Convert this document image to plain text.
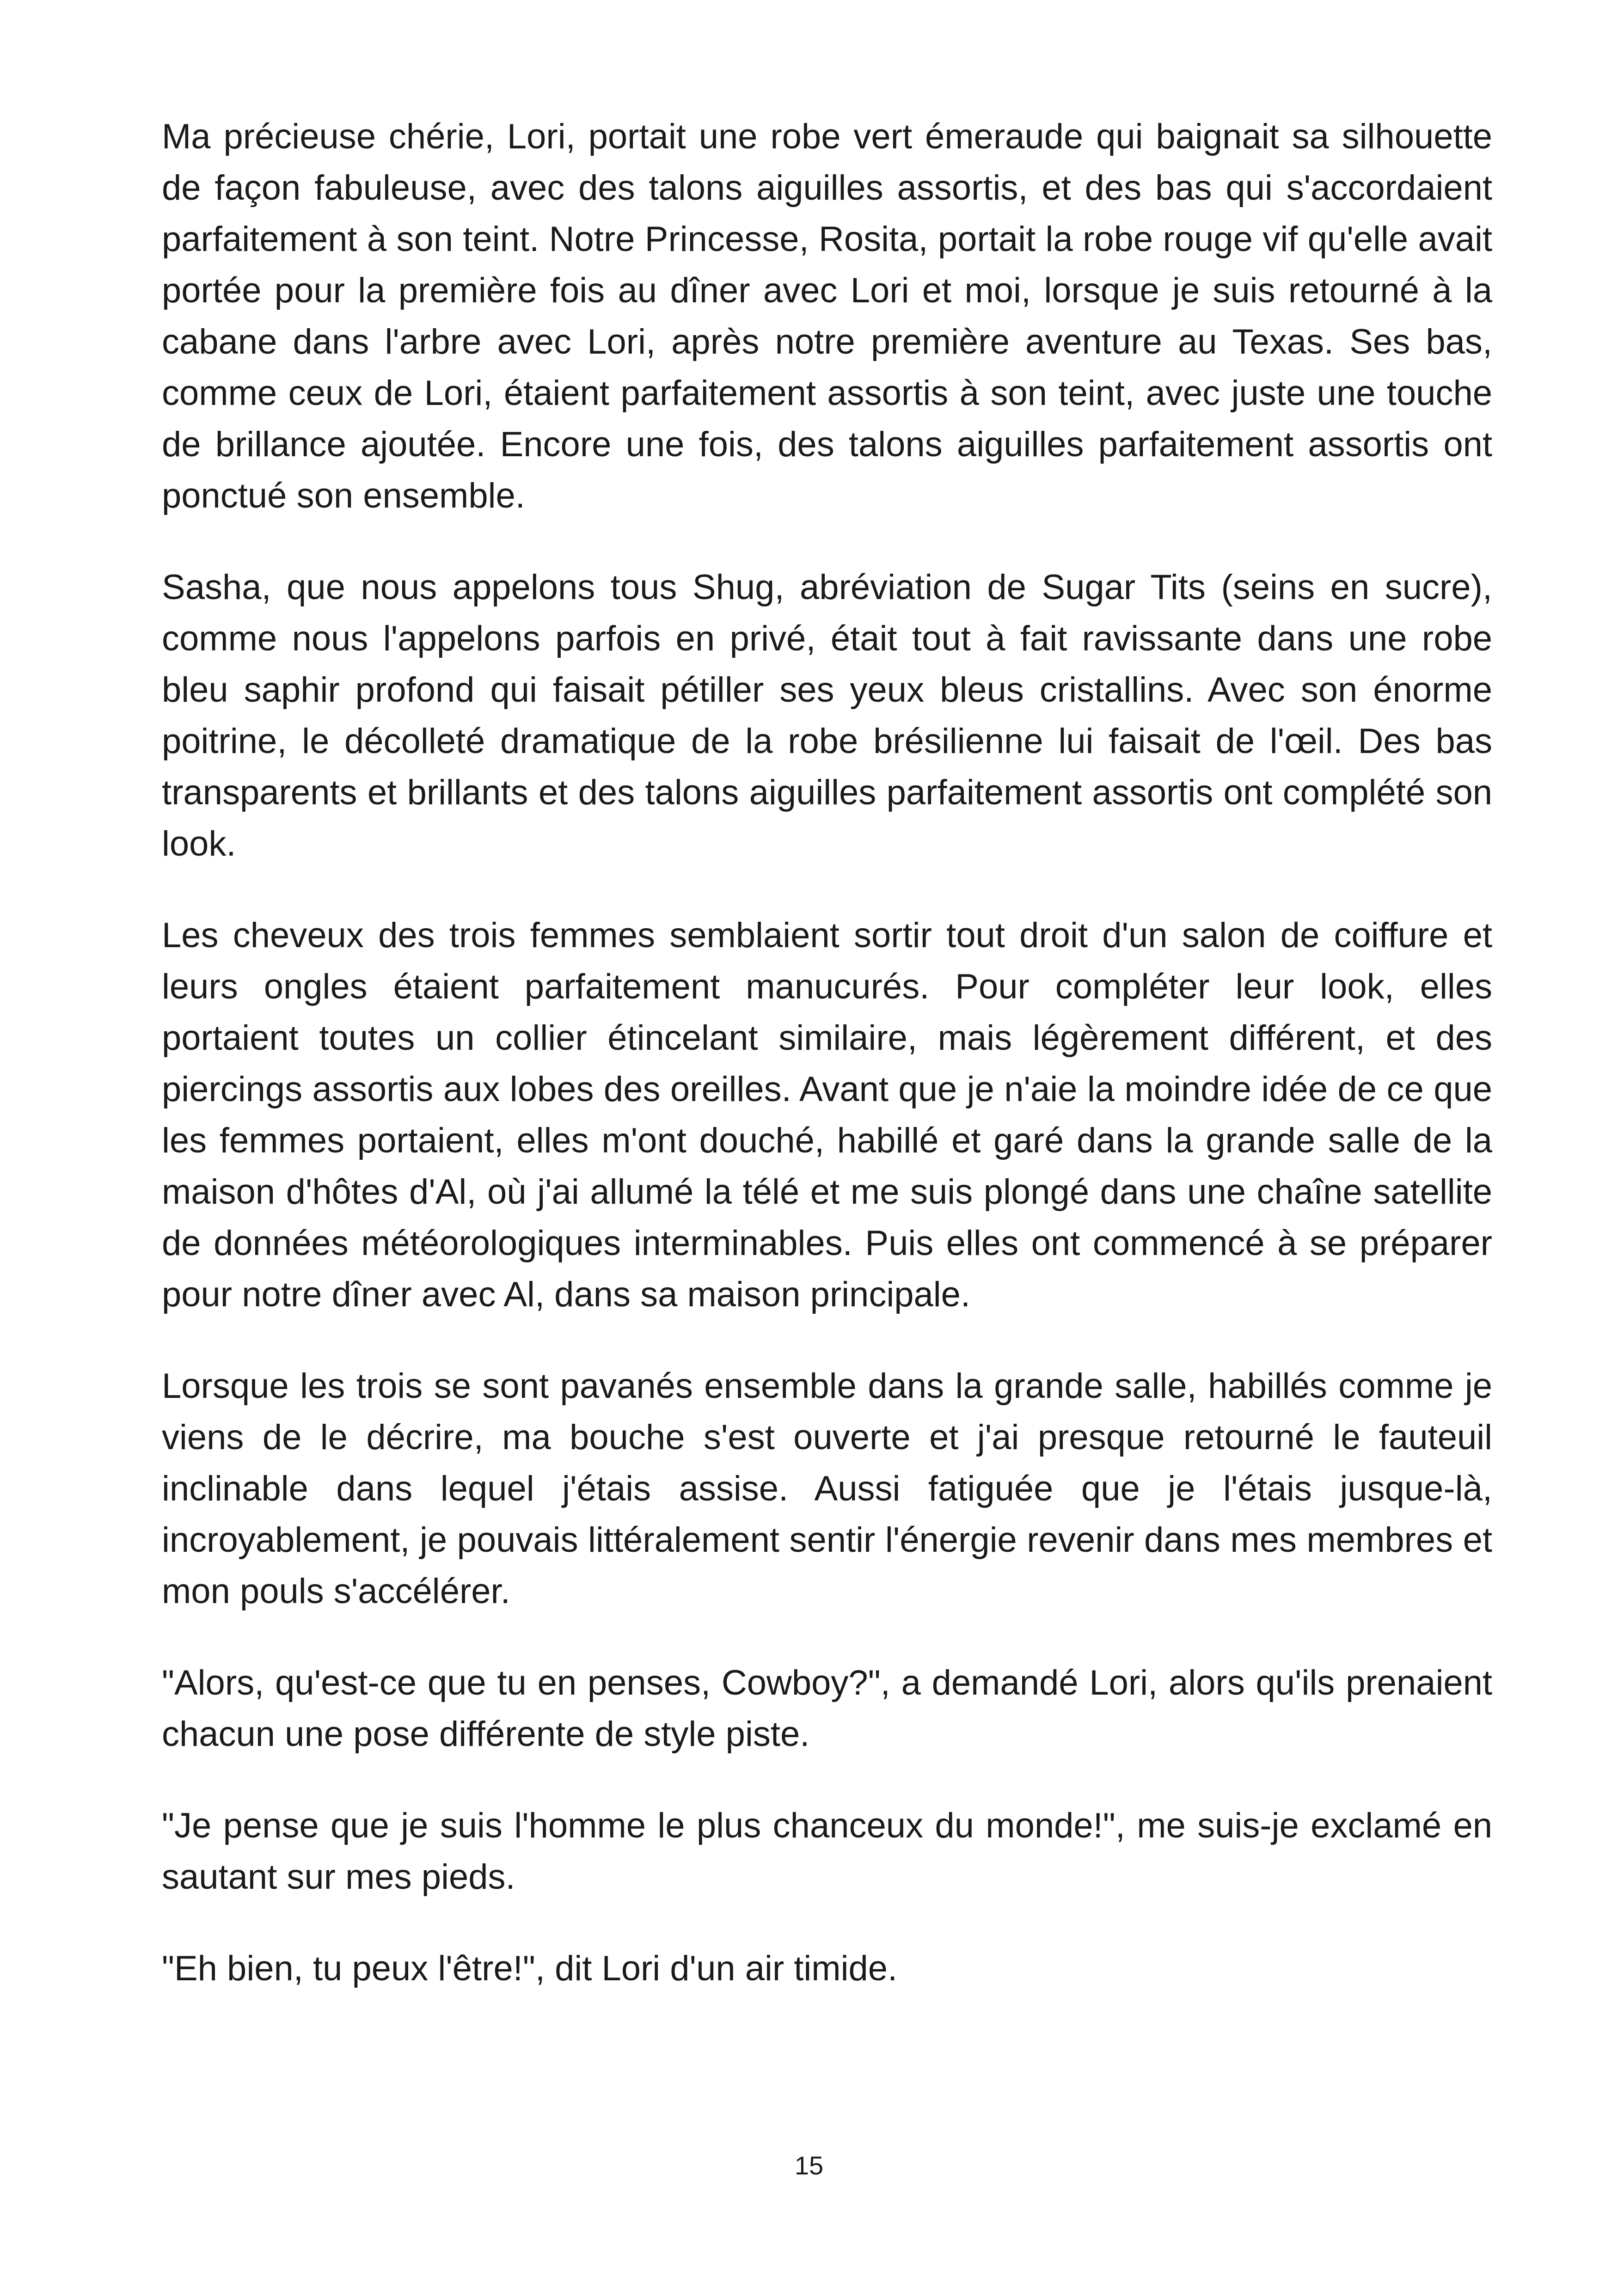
Ma précieuse chérie, Lori, portait une robe vert émeraude qui baignait sa silhouette de façon fabuleuse, avec des talons aiguilles assortis, et des bas qui s'accordaient parfaitement à son teint. Notre Princesse, Rosita, portait la robe rouge vif qu'elle avait portée pour la première fois au dîner avec Lori et moi, lorsque je suis retourné à la cabane dans l'arbre avec Lori, après notre première aventure au Texas. Ses bas, comme ceux de Lori, étaient parfaitement assortis à son teint, avec juste une touche de brillance ajoutée. Encore une fois, des talons aiguilles parfaitement assortis ont ponctué son ensemble.

Sasha, que nous appelons tous Shug, abréviation de Sugar Tits (seins en sucre), comme nous l'appelons parfois en privé, était tout à fait ravissante dans une robe bleu saphir profond qui faisait pétiller ses yeux bleus cristallins. Avec son énorme poitrine, le décolleté dramatique de la robe brésilienne lui faisait de l'œil. Des bas transparents et brillants et des talons aiguilles parfaitement assortis ont complété son look.

Les cheveux des trois femmes semblaient sortir tout droit d'un salon de coiffure et leurs ongles étaient parfaitement manucurés. Pour compléter leur look, elles portaient toutes un collier étincelant similaire, mais légèrement différent, et des piercings assortis aux lobes des oreilles. Avant que je n'aie la moindre idée de ce que les femmes portaient, elles m'ont douché, habillé et garé dans la grande salle de la maison d'hôtes d'Al, où j'ai allumé la télé et me suis plongé dans une chaîne satellite de données météorologiques interminables. Puis elles ont commencé à se préparer pour notre dîner avec Al, dans sa maison principale.

Lorsque les trois se sont pavanés ensemble dans la grande salle, habillés comme je viens de le décrire, ma bouche s'est ouverte et j'ai presque retourné le fauteuil inclinable dans lequel j'étais assise. Aussi fatiguée que je l'étais jusque-là, incroyablement, je pouvais littéralement sentir l'énergie revenir dans mes membres et mon pouls s'accélérer.

"Alors, qu'est-ce que tu en penses, Cowboy?", a demandé Lori, alors qu'ils prenaient chacun une pose différente de style piste.

"Je pense que je suis l'homme le plus chanceux du monde!", me suis-je exclamé en sautant sur mes pieds.

"Eh bien, tu peux l'être!", dit Lori d'un air timide.

15
